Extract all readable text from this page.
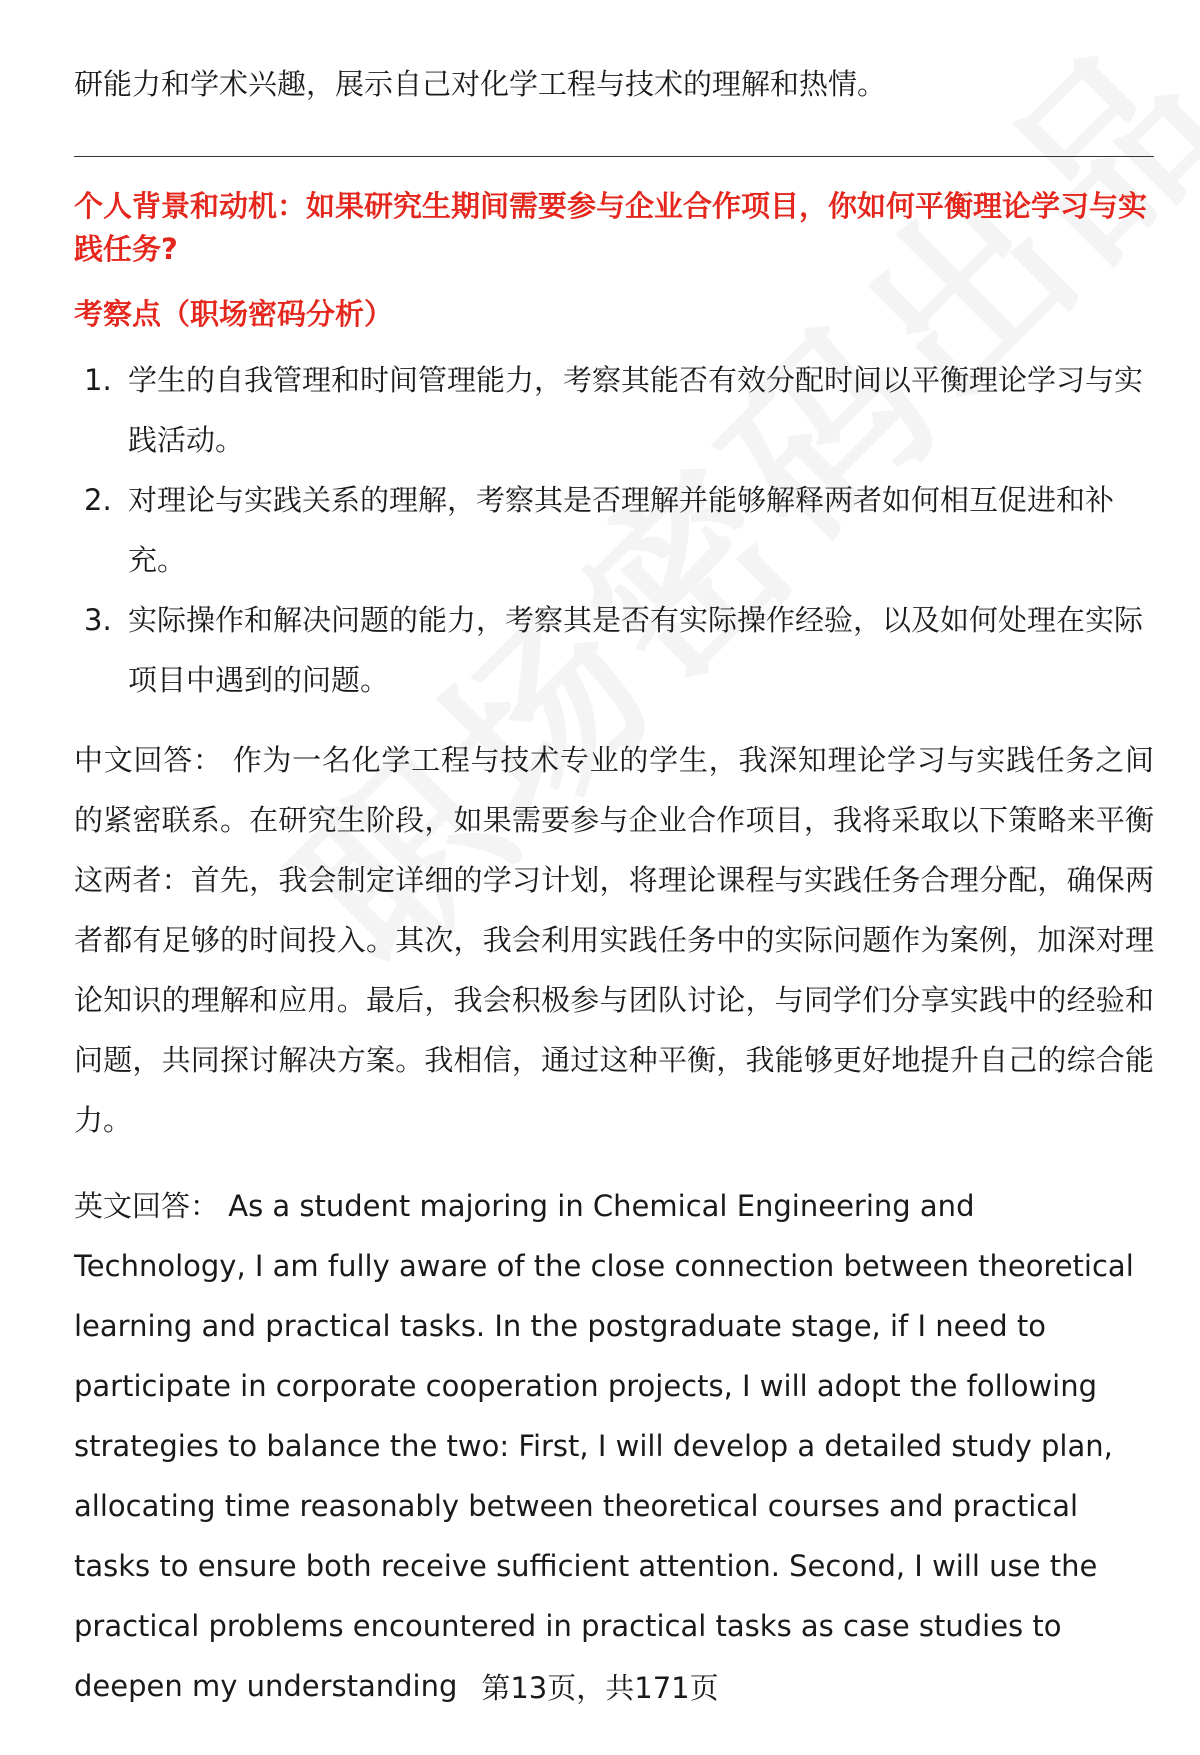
研能力和学术兴趣，展示自己对化学工程与技术的理解和热情。

个人背景和动机：如果研究生期间需要参与企业合作项目，你如何平衡理论学习与实践任务?

考察点（职场密码分析）

1. 学生的自我管理和时间管理能力，考察其能否有效分配时间以平衡理论学习与实践活动。
2. 对理论与实践关系的理解，考察其是否理解并能够解释两者如何相互促进和补充。
3. 实际操作和解决问题的能力，考察其是否有实际操作经验，以及如何处理在实际项目中遇到的问题。

中文回答： 作为一名化学工程与技术专业的学生，我深知理论学习与实践任务之间的紧密联系。在研究生阶段，如果需要参与企业合作项目，我将采取以下策略来平衡这两者：首先，我会制定详细的学习计划，将理论课程与实践任务合理分配，确保两者都有足够的时间投入。其次，我会利用实践任务中的实际问题作为案例，加深对理论知识的理解和应用。最后，我会积极参与团队讨论，与同学们分享实践中的经验和问题，共同探讨解决方案。我相信，通过这种平衡，我能够更好地提升自己的综合能力。

英文回答： As a student majoring in Chemical Engineering and Technology, I am fully aware of the close connection between theoretical learning and practical tasks. In the postgraduate stage, if I need to participate in corporate cooperation projects, I will adopt the following strategies to balance the two: First, I will develop a detailed study plan, allocating time reasonably between theoretical courses and practical tasks to ensure both receive sufficient attention. Second, I will use the practical problems encountered in practical tasks as case studies to deepen my understanding 第13页，共171页
